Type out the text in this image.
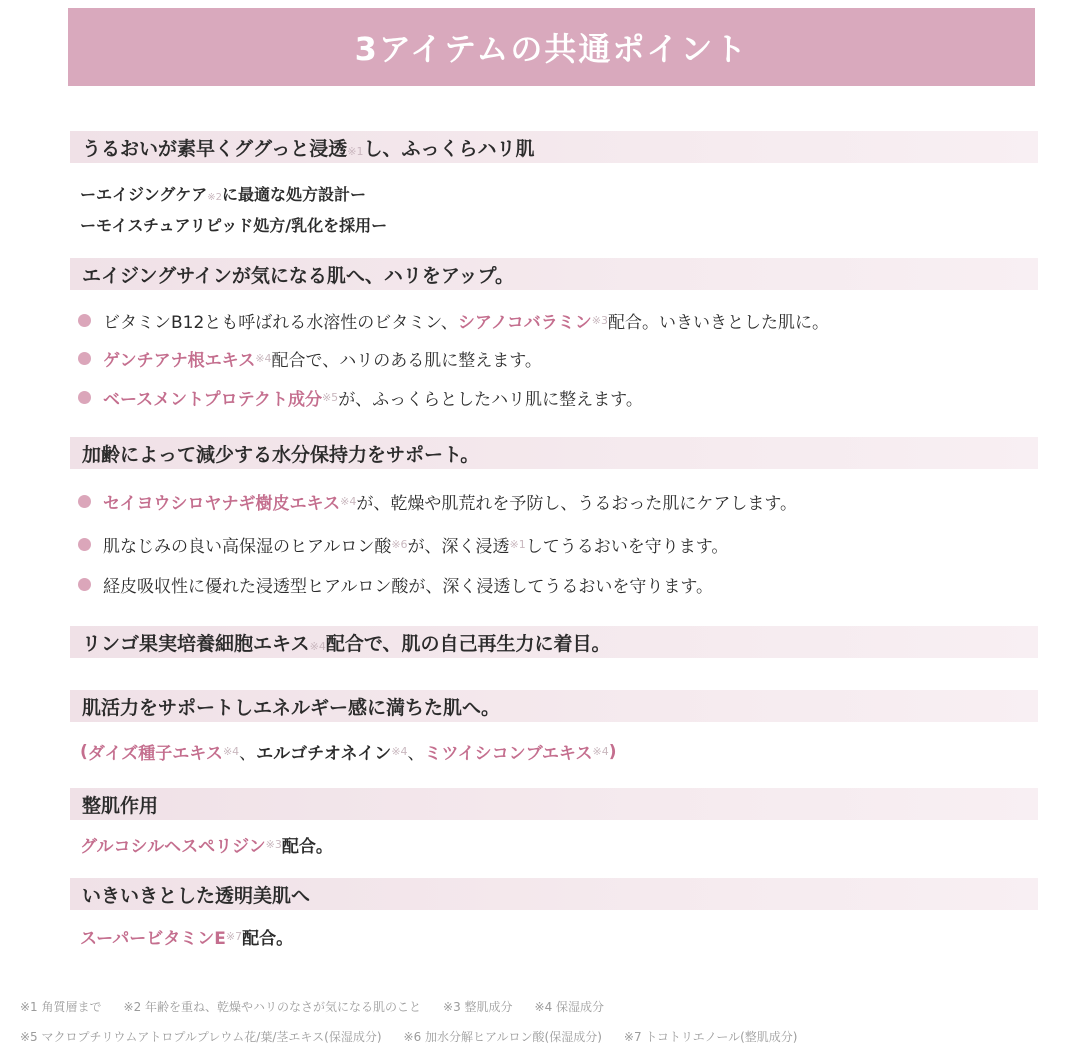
3アイテムの共通ポイント
うるおいが素早くググっと浸透※1し、ふっくらハリ肌
ーエイジングケア※2に最適な処方設計ー
ーモイスチュアリピッド処方/乳化を採用ー
エイジングサインが気になる肌へ、ハリをアップ。
ビタミンB12とも呼ばれる水溶性のビタミン、 シアノコバラミン ※3 配合。いきいきとした肌に。
ゲンチアナ根エキス ※4 配合で、ハリのある肌に整えます。
ベースメントプロテクト成分 ※5 が、ふっくらとしたハリ肌に整えます。
加齢によって減少する水分保持力をサポート。
セイヨウシロヤナギ樹皮エキス ※4 が、乾燥や肌荒れを予防し、うるおった肌にケアします。
肌なじみの良い高保湿のヒアルロン酸 ※6 が、深く浸透 ※1 してうるおいを守ります。
経皮吸収性に優れた浸透型ヒアルロン酸が、深く浸透してうるおいを守ります。
リンゴ果実培養細胞エキス※4配合で、肌の自己再生力に着目。
肌活力をサポートしエネルギー感に満ちた肌へ。
( ダイズ種子エキス ※4 、 エルゴチオネイン ※4 、 ミツイシコンブエキス ※4 )
整肌作用
グルコシルヘスペリジン ※3 配合。
いきいきとした透明美肌へ
スーパービタミンE ※7 配合。
※1 角質層まで ※2 年齢を重ね、乾燥やハリのなさが気になる肌のこと ※3 整肌成分 ※4 保湿成分
※5 マクロプチリウムアトロプルプレウム花/葉/茎エキス(保湿成分) ※6 加水分解ヒアルロン酸(保湿成分) ※7 トコトリエノール(整肌成分)
